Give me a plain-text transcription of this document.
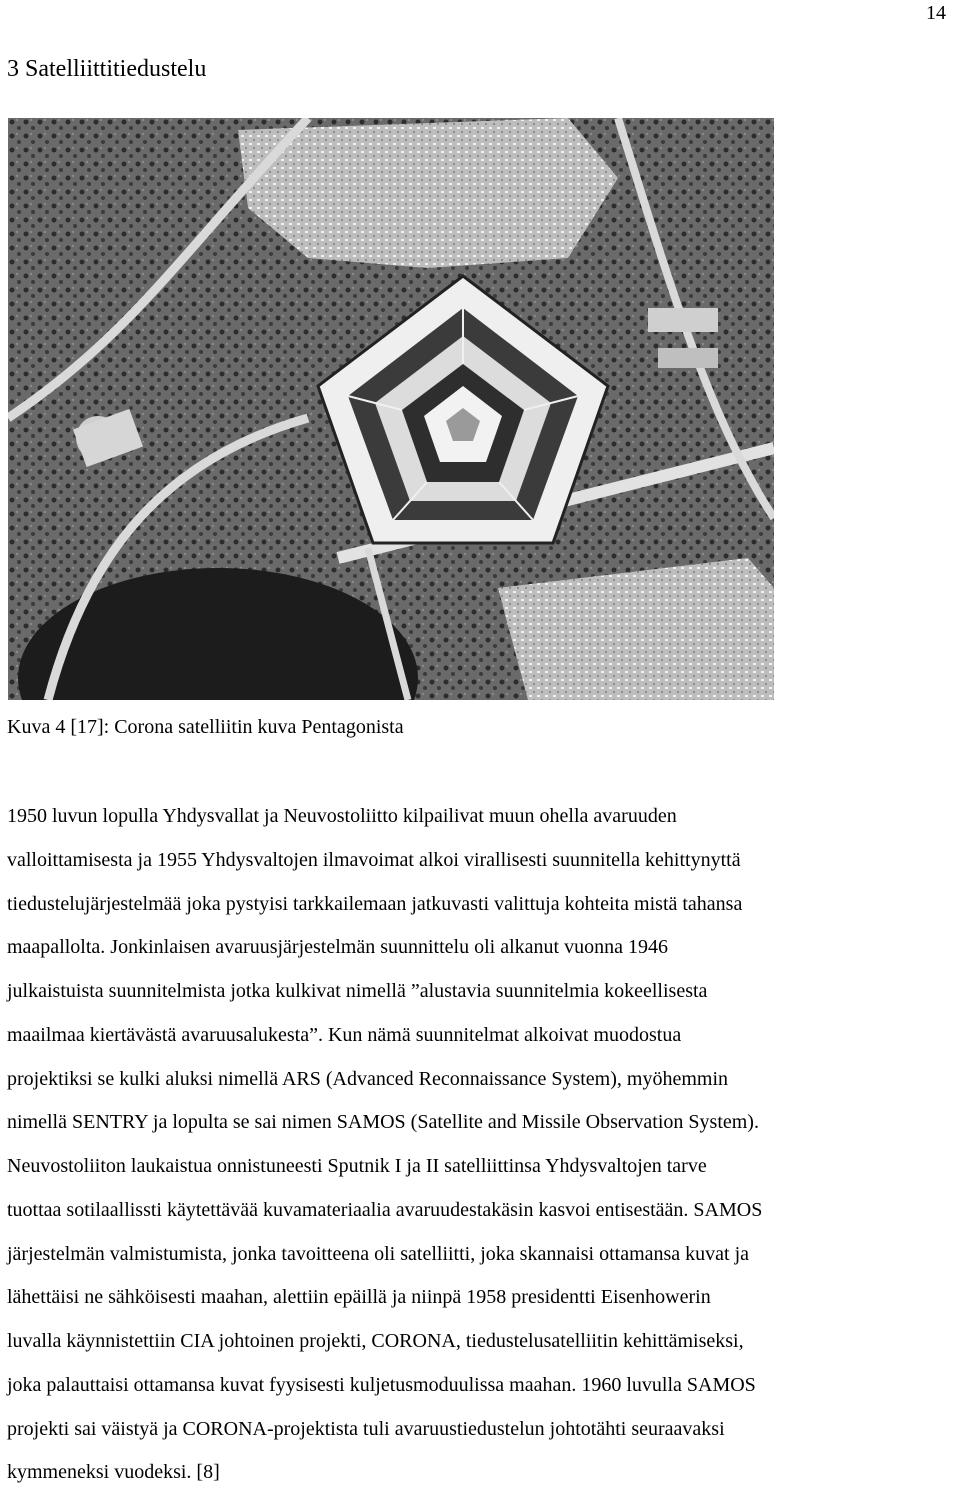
14
3 Satelliittitiedustelu
Kuva 4 [17]: Corona satelliitin kuva Pentagonista
1950 luvun lopulla Yhdysvallat ja Neuvostoliitto kilpailivat muun ohella avaruuden
valloittamisesta ja 1955 Yhdysvaltojen ilmavoimat alkoi virallisesti suunnitella kehittynyttä
tiedustelujärjestelmää joka pystyisi tarkkailemaan jatkuvasti valittuja kohteita mistä tahansa
maapallolta. Jonkinlaisen avaruusjärjestelmän suunnittelu oli alkanut vuonna 1946
julkaistuista suunnitelmista jotka kulkivat nimellä ”alustavia suunnitelmia kokeellisesta
maailmaa kiertävästä avaruusalukesta”. Kun nämä suunnitelmat alkoivat muodostua
projektiksi se kulki aluksi nimellä ARS (Advanced Reconnaissance System), myöhemmin
nimellä SENTRY ja lopulta se sai nimen SAMOS (Satellite and Missile Observation System).
Neuvostoliiton laukaistua onnistuneesti Sputnik I ja II satelliittinsa Yhdysvaltojen tarve
tuottaa sotilaallissti käytettävää kuvamateriaalia avaruudestakäsin kasvoi entisestään. SAMOS
järjestelmän valmistumista, jonka tavoitteena oli satelliitti, joka skannaisi ottamansa kuvat ja
lähettäisi ne sähköisesti maahan, alettiin epäillä ja niinpä 1958 presidentti Eisenhowerin
luvalla käynnistettiin CIA johtoinen projekti, CORONA, tiedustelusatelliitin kehittämiseksi,
joka palauttaisi ottamansa kuvat fyysisesti kuljetusmoduulissa maahan. 1960 luvulla SAMOS
projekti sai väistyä ja CORONA-projektista tuli avaruustiedustelun johtotähti seuraavaksi
kymmeneksi vuodeksi. [8]
